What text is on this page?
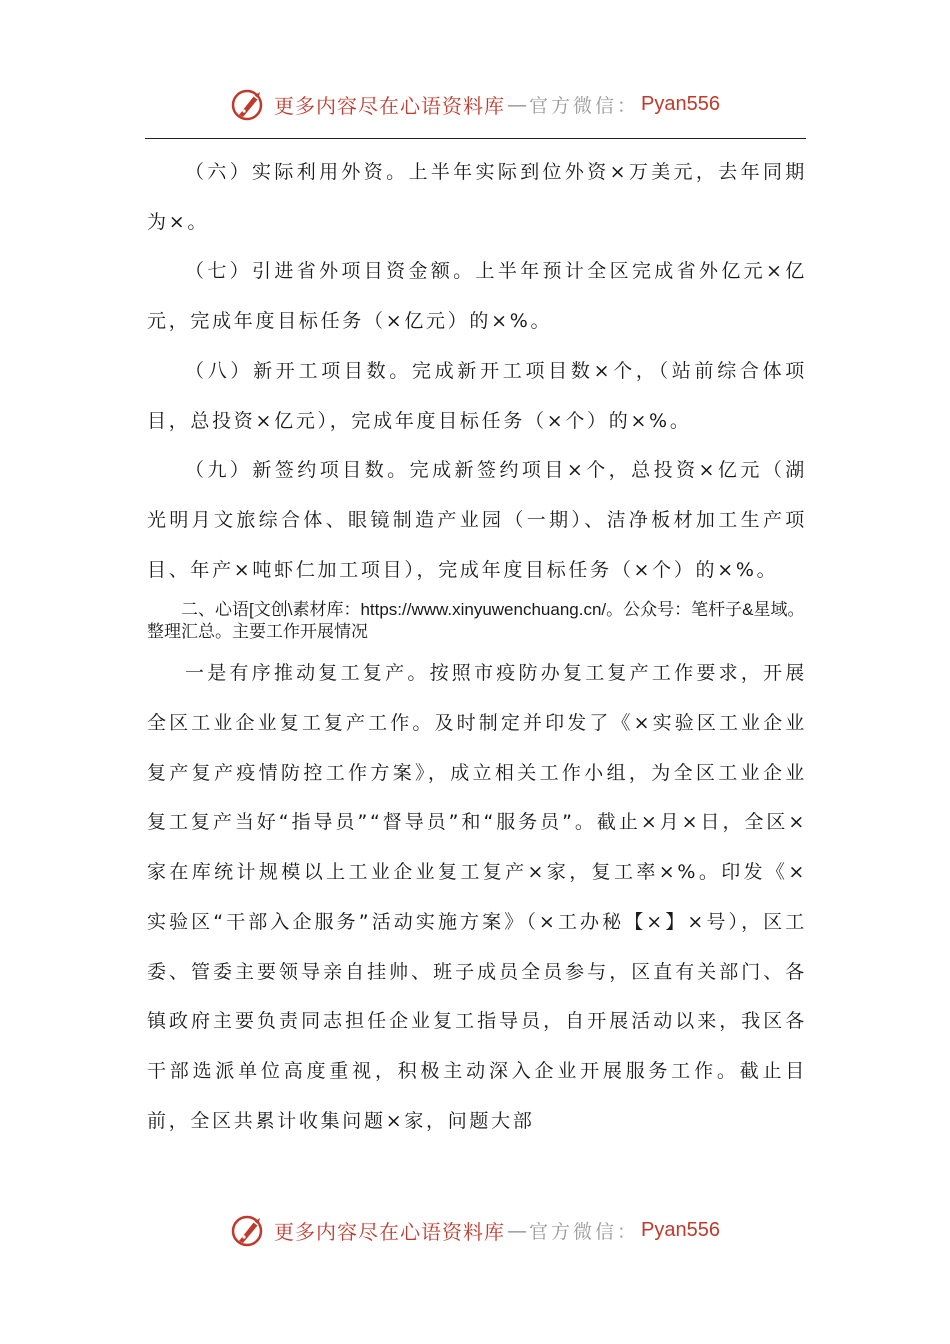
更多内容尽在心语资料库 — 官方微信： Pyan556

（六）实际利用外资。上半年实际到位外资×万美元，去年同期为×。

（七）引进省外项目资金额。上半年预计全区完成省外亿元×亿元，完成年度目标任务（×亿元）的×%。

（八）新开工项目数。完成新开工项目数×个，（站前综合体项目，总投资×亿元），完成年度目标任务（×个）的×%。

（九）新签约项目数。完成新签约项目×个，总投资×亿元（湖光明月文旅综合体、眼镜制造产业园（一期）、洁净板材加工生产项目、年产×吨虾仁加工项目），完成年度目标任务（×个）的×%。

二、心语[文创\素材库：https://www.xinyuwenchuang.cn/。公众号：笔杆子&星域。整理汇总。主要工作开展情况

一是有序推动复工复产。按照市疫防办复工复产工作要求，开展全区工业企业复工复产工作。及时制定并印发了《×实验区工业企业复产复产疫情防控工作方案》，成立相关工作小组，为全区工业企业复工复产当好“指导员”“督导员”和“服务员”。截止×月×日，全区×家在库统计规模以上工业企业复工复产×家，复工率×%。印发《×实验区“干部入企服务”活动实施方案》（×工办秘【×】×号），区工委、管委主要领导亲自挂帅、班子成员全员参与，区直有关部门、各镇政府主要负责同志担任企业复工指导员，自开展活动以来，我区各干部选派单位高度重视，积极主动深入企业开展服务工作。截止目前，全区共累计收集问题×家，问题大部

更多内容尽在心语资料库 — 官方微信： Pyan556
